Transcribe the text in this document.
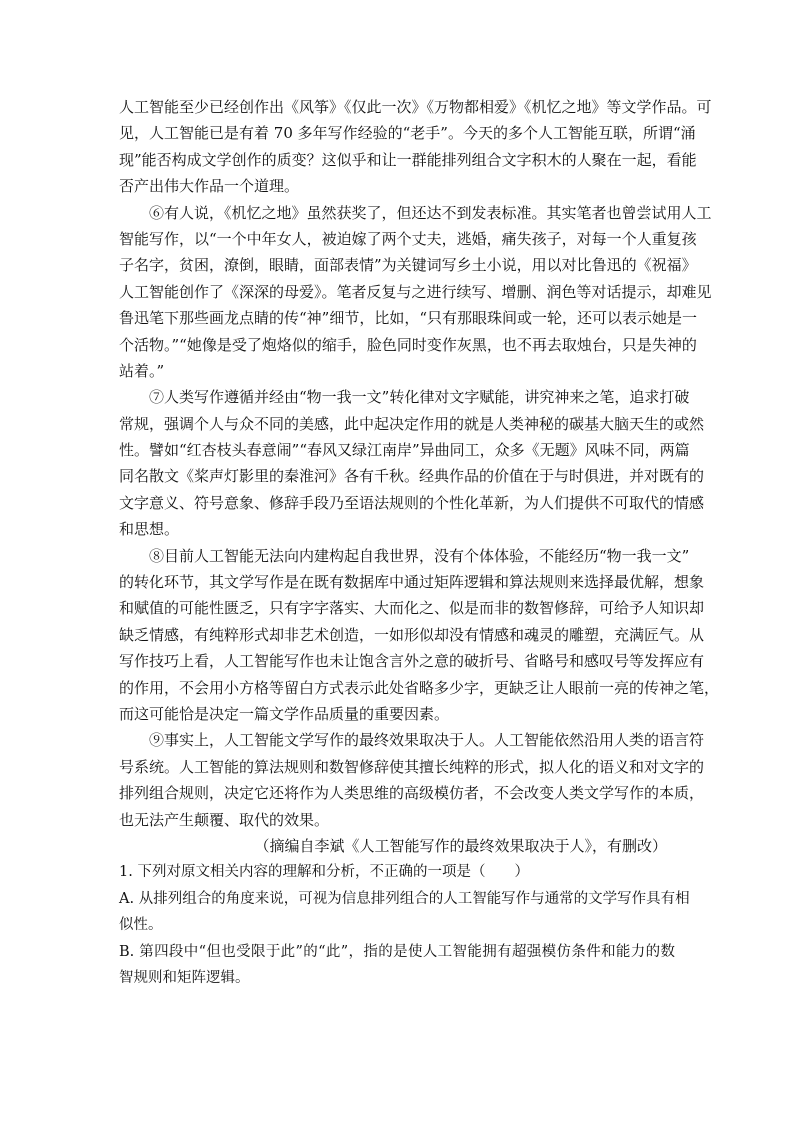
人工智能至少已经创作出《风筝》《仅此一次》《万物都相爱》《机忆之地》等文学作品。可
见，人工智能已是有着 70 多年写作经验的“老手”。今天的多个人工智能互联，所谓“涌
现”能否构成文学创作的质变？这似乎和让一群能排列组合文字积木的人聚在一起，看能
否产出伟大作品一个道理。
⑥有人说，《机忆之地》虽然获奖了，但还达不到发表标准。其实笔者也曾尝试用人工
智能写作，以“一个中年女人，被迫嫁了两个丈夫，逃婚，痛失孩子，对每一个人重复孩
子名字，贫困，潦倒，眼睛，面部表情”为关键词写乡土小说，用以对比鲁迅的《祝福》
人工智能创作了《深深的母爱》。笔者反复与之进行续写、增删、润色等对话提示，却难见
鲁迅笔下那些画龙点睛的传“神”细节，比如，“只有那眼珠间或一轮，还可以表示她是一
个活物。”“她像是受了炮烙似的缩手，脸色同时变作灰黑，也不再去取烛台，只是失神的
站着。”
⑦人类写作遵循并经由“物一我一文”转化律对文字赋能，讲究神来之笔，追求打破
常规，强调个人与众不同的美感，此中起决定作用的就是人类神秘的碳基大脑天生的或然
性。譬如“红杏枝头春意闹”“春风又绿江南岸”异曲同工，众多《无题》风味不同，两篇
同名散文《桨声灯影里的秦淮河》各有千秋。经典作品的价值在于与时俱进，并对既有的
文字意义、符号意象、修辞手段乃至语法规则的个性化革新，为人们提供不可取代的情感
和思想。
⑧目前人工智能无法向内建构起自我世界，没有个体体验，不能经历“物一我一文”
的转化环节，其文学写作是在既有数据库中通过矩阵逻辑和算法规则来选择最优解，想象
和赋值的可能性匮乏，只有字字落实、大而化之、似是而非的数智修辞，可给予人知识却
缺乏情感，有纯粹形式却非艺术创造，一如形似却没有情感和魂灵的雕塑，充满匠气。从
写作技巧上看，人工智能写作也未让饱含言外之意的破折号、省略号和感叹号等发挥应有
的作用，不会用小方格等留白方式表示此处省略多少字，更缺乏让人眼前一亮的传神之笔，
而这可能恰是决定一篇文学作品质量的重要因素。
⑨事实上，人工智能文学写作的最终效果取决于人。人工智能依然沿用人类的语言符
号系统。人工智能的算法规则和数智修辞使其擅长纯粹的形式，拟人化的语义和对文字的
排列组合规则，决定它还将作为人类思维的高级模仿者，不会改变人类文学写作的本质，
也无法产生颠覆、取代的效果。
（摘编自李斌《人工智能写作的最终效果取决于人》，有删改）
1. 下列对原文相关内容的理解和分析，不正确的一项是（　　）
A. 从排列组合的角度来说，可视为信息排列组合的人工智能写作与通常的文学写作具有相
似性。
B. 第四段中“但也受限于此”的“此”，指的是使人工智能拥有超强模仿条件和能力的数
智规则和矩阵逻辑。
